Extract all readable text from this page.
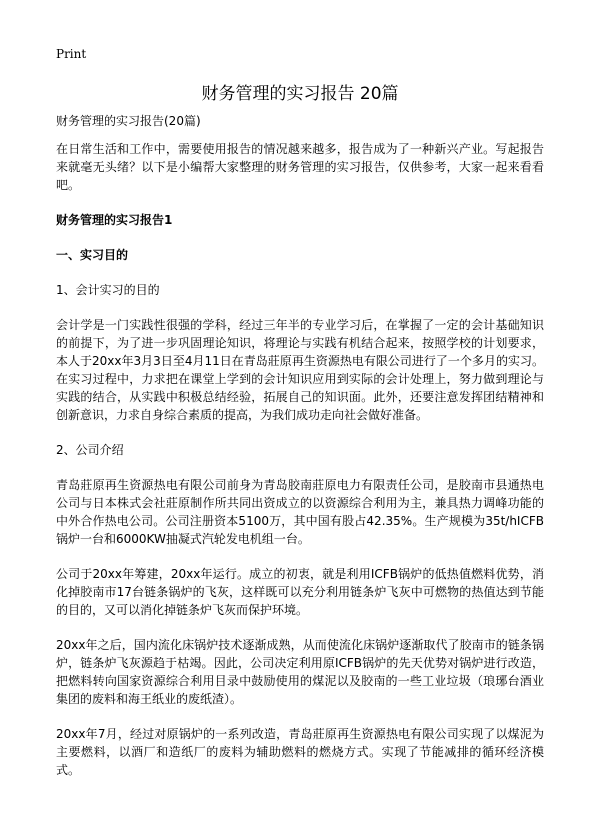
Print
财务管理的实习报告 20篇

财务管理的实习报告(20篇)

在日常生活和工作中，需要使用报告的情况越来越多，报告成为了一种新兴产业。写起报告来就毫无头绪？以下是小编帮大家整理的财务管理的实习报告，仅供参考，大家一起来看看吧。

财务管理的实习报告1

一、实习目的

1、会计实习的目的

会计学是一门实践性很强的学科，经过三年半的专业学习后，在掌握了一定的会计基础知识的前提下，为了进一步巩固理论知识，将理论与实践有机结合起来，按照学校的计划要求，本人于20xx年3月3日至4月11日在青岛莊原再生资源热电有限公司进行了一个多月的实习。在实习过程中，力求把在课堂上学到的会计知识应用到实际的会计处理上，努力做到理论与实践的结合，从实践中积极总结经验，拓展自己的知识面。此外，还要注意发挥团结精神和创新意识，力求自身综合素质的提高，为我们成功走向社会做好准备。

2、公司介绍

青岛莊原再生资源热电有限公司前身为青岛胶南莊原电力有限责任公司，是胶南市县通热电公司与日本株式会社莊原制作所共同出资成立的以资源综合利用为主，兼具热力调峰功能的中外合作热电公司。公司注册资本5100万，其中国有股占42.35%。生产规模为35t/hICFB锅炉一台和6000KW抽凝式汽轮发电机组一台。

公司于20xx年筹建，20xx年运行。成立的初衷，就是利用ICFB锅炉的低热值燃料优势，消化掉胶南市17台链条锅炉的飞灰，这样既可以充分利用链条炉飞灰中可燃物的热值达到节能的目的，又可以消化掉链条炉飞灰而保护环境。

20xx年之后，国内流化床锅炉技术逐渐成熟，从而使流化床锅炉逐渐取代了胶南市的链条锅炉，链条炉飞灰源趋于枯竭。因此，公司决定利用原ICFB锅炉的先天优势对锅炉进行改造，把燃料转向国家资源综合利用目录中鼓励使用的煤泥以及胶南的一些工业垃圾（琅琊台酒业集团的废料和海王纸业的废纸渣）。

20xx年7月，经过对原锅炉的一系列改造，青岛莊原再生资源热电有限公司实现了以煤泥为主要燃料，以酒厂和造纸厂的废料为辅助燃料的燃烧方式。实现了节能减排的循环经济模式。
